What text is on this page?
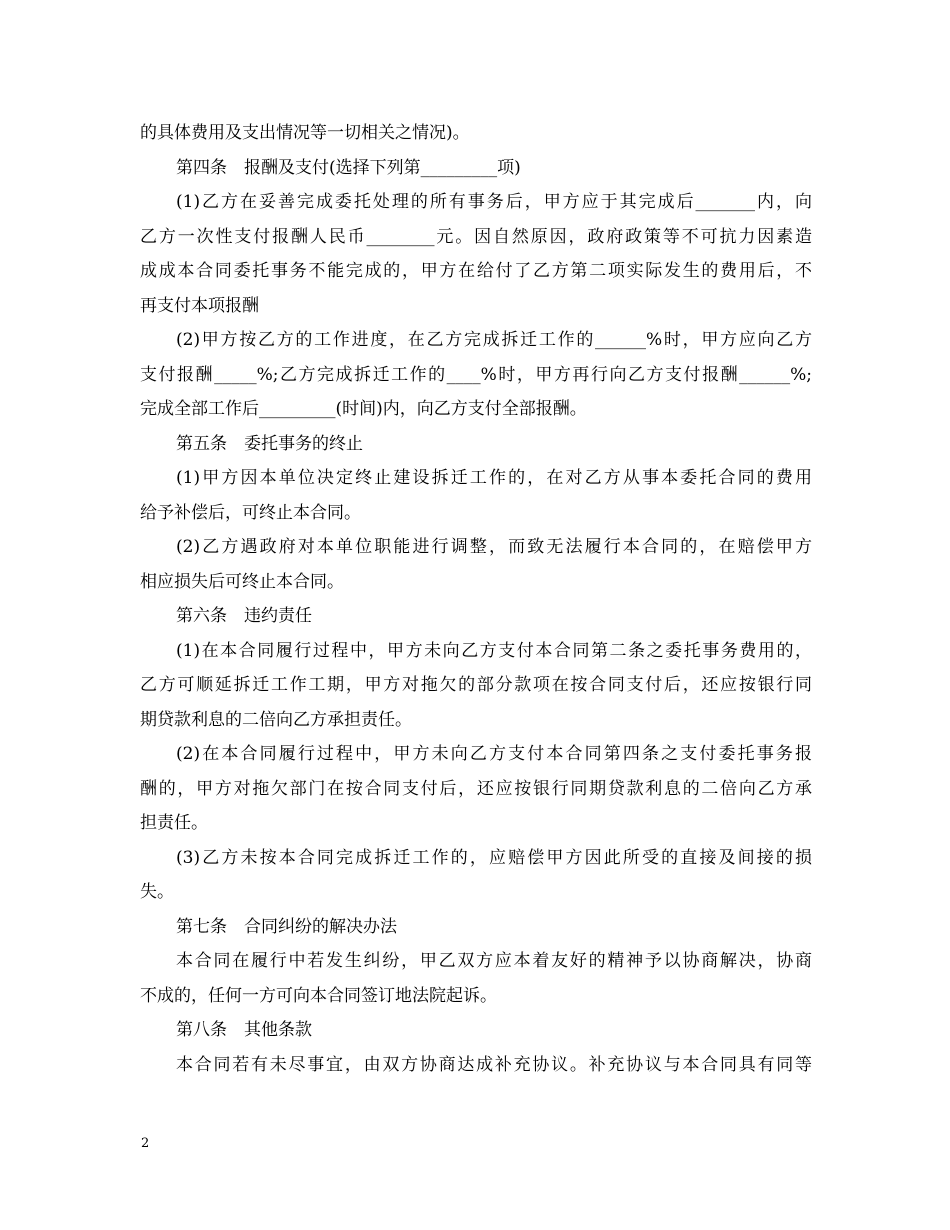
的具体费用及支出情况等一切相关之情况)。
第四条　报酬及支付(选择下列第_________项)
(1)乙方在妥善完成委托处理的所有事务后，甲方应于其完成后_______内，向
乙方一次性支付报酬人民币________元。因自然原因，政府政策等不可抗力因素造
成成本合同委托事务不能完成的，甲方在给付了乙方第二项实际发生的费用后，不
再支付本项报酬
(2)甲方按乙方的工作进度，在乙方完成拆迁工作的______%时，甲方应向乙方
支付报酬_____%;乙方完成拆迁工作的____%时，甲方再行向乙方支付报酬______%;
完成全部工作后_________(时间)内，向乙方支付全部报酬。
第五条　委托事务的终止
(1)甲方因本单位决定终止建设拆迁工作的，在对乙方从事本委托合同的费用
给予补偿后，可终止本合同。
(2)乙方遇政府对本单位职能进行调整，而致无法履行本合同的，在赔偿甲方
相应损失后可终止本合同。
第六条　违约责任
(1)在本合同履行过程中，甲方未向乙方支付本合同第二条之委托事务费用的，
乙方可顺延拆迁工作工期，甲方对拖欠的部分款项在按合同支付后，还应按银行同
期贷款利息的二倍向乙方承担责任。
(2)在本合同履行过程中，甲方未向乙方支付本合同第四条之支付委托事务报
酬的，甲方对拖欠部门在按合同支付后，还应按银行同期贷款利息的二倍向乙方承
担责任。
(3)乙方未按本合同完成拆迁工作的，应赔偿甲方因此所受的直接及间接的损
失。
第七条　合同纠纷的解决办法
本合同在履行中若发生纠纷，甲乙双方应本着友好的精神予以协商解决，协商
不成的，任何一方可向本合同签订地法院起诉。
第八条　其他条款
本合同若有未尽事宜，由双方协商达成补充协议。补充协议与本合同具有同等
2
